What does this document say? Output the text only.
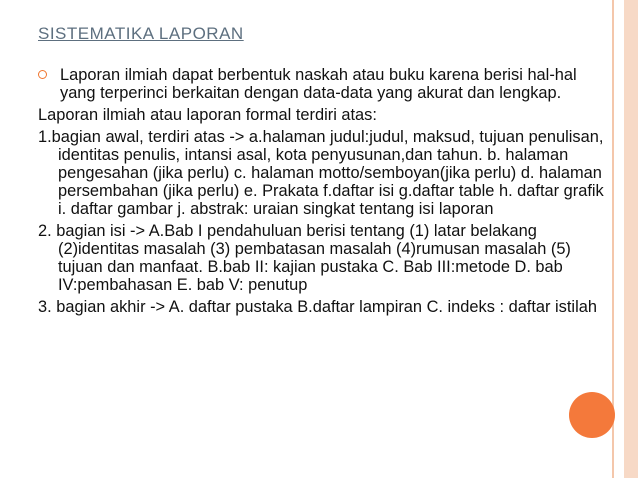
SISTEMATIKA LAPORAN
Laporan ilmiah dapat berbentuk naskah atau buku karena berisi hal-hal yang terperinci berkaitan dengan data-data yang akurat dan lengkap.
Laporan ilmiah atau laporan formal terdiri atas:
1.bagian awal, terdiri atas -> a.halaman judul:judul, maksud, tujuan penulisan, identitas penulis, intansi asal, kota penyusunan,dan tahun. b. halaman pengesahan (jika perlu) c. halaman motto/semboyan(jika perlu) d. halaman persembahan (jika perlu) e. Prakata f.daftar isi g.daftar table h. daftar grafik i. daftar gambar j. abstrak: uraian singkat tentang isi laporan
2. bagian isi -> A.Bab I pendahuluan berisi tentang (1) latar belakang (2)identitas masalah (3) pembatasan masalah (4)rumusan masalah (5) tujuan dan manfaat. B.bab II: kajian pustaka C. Bab III:metode D. bab IV:pembahasan E. bab V: penutup
3. bagian akhir -> A. daftar pustaka B.daftar lampiran C. indeks : daftar istilah
